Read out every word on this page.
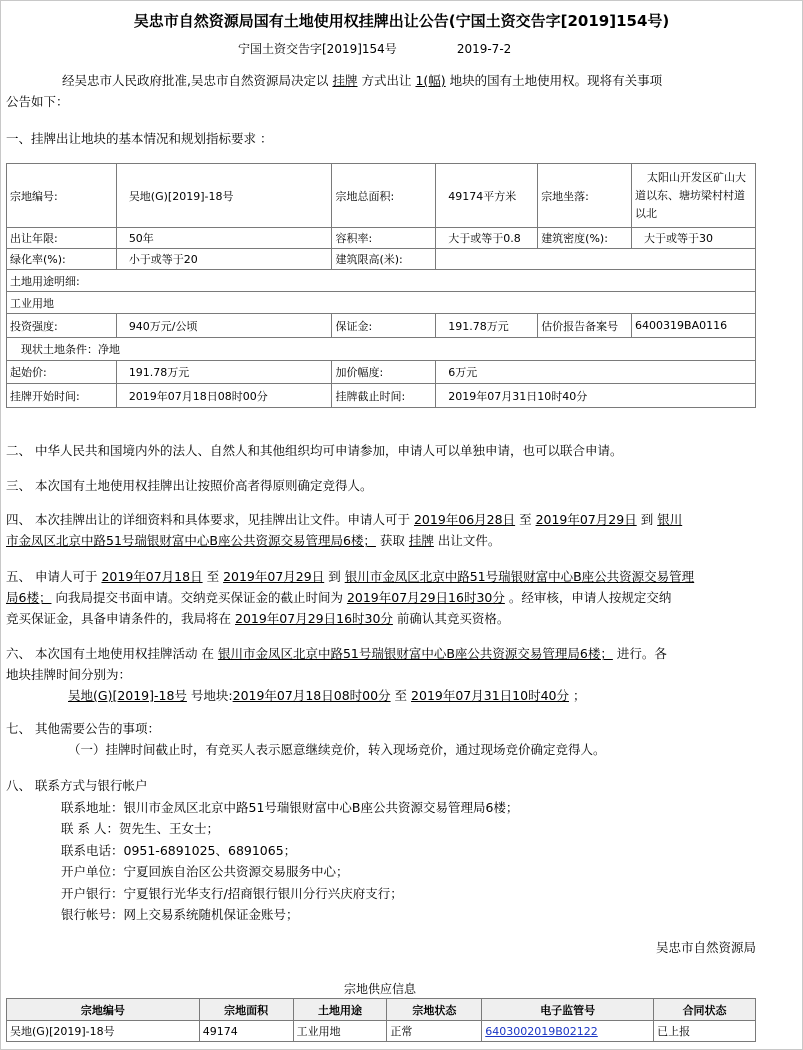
吴忠市自然资源局国有土地使用权挂牌出让公告(宁国土资交告字[2019]154号)
宁国土资交告字[2019]154号	2019-7-2
经吴忠市人民政府批准,吴忠市自然资源局决定以 挂牌 方式出让 1(幅) 地块的国有土地使用权。现将有关事项
公告如下：
一、挂牌出让地块的基本情况和规划指标要求 ：
宗地编号:	吴地(G)[2019]-18号	宗地总面积:	49174平方米	宗地坐落:	太阳山开发区矿山大道以东、塘坊梁村村道以北
出让年限:	50年	容积率:	大于或等于0.8	建筑密度(%):	大于或等于30
绿化率(%):	小于或等于20	建筑限高(米):			
土地用途明细:					
工业用地					
投资强度:	940万元/公顷	保证金:	191.78万元	估价报告备案号	6400319BA0116
现状土地条件：净地					
起始价:	191.78万元	加价幅度:	6万元		
挂牌开始时间:	2019年07月18日08时00分	挂牌截止时间:	2019年07月31日10时40分		
二、 中华人民共和国境内外的法人、自然人和其他组织均可申请参加，申请人可以单独申请，也可以联合申请。
三、 本次国有土地使用权挂牌出让按照价高者得原则确定竞得人。
四、 本次挂牌出让的详细资料和具体要求，见挂牌出让文件。申请人可于 2019年06月28日 至 2019年07月29日 到 银川
市金凤区北京中路51号瑞银财富中心B座公共资源交易管理局6楼； 获取 挂牌 出让文件。
五、 申请人可于 2019年07月18日 至 2019年07月29日 到 银川市金凤区北京中路51号瑞银财富中心B座公共资源交易管理
局6楼； 向我局提交书面申请。交纳竞买保证金的截止时间为 2019年07月29日16时30分 。经审核，申请人按规定交纳
竞买保证金，具备申请条件的，我局将在 2019年07月29日16时30分 前确认其竞买资格。
六、 本次国有土地使用权挂牌活动 在 银川市金凤区北京中路51号瑞银财富中心B座公共资源交易管理局6楼； 进行。各
地块挂牌时间分别为：
吴地(G)[2019]-18号 号地块:2019年07月18日08时00分 至 2019年07月31日10时40分 ；
七、 其他需要公告的事项：
（一）挂牌时间截止时，有竞买人表示愿意继续竞价，转入现场竞价，通过现场竞价确定竞得人。
八、 联系方式与银行帐户
联系地址：银川市金凤区北京中路51号瑞银财富中心B座公共资源交易管理局6楼；
联 系 人：贺先生、王女士；
联系电话：0951-6891025、6891065；
开户单位：宁夏回族自治区公共资源交易服务中心；
开户银行：宁夏银行光华支行/招商银行银川分行兴庆府支行；
银行帐号：网上交易系统随机保证金账号；
吴忠市自然资源局
宗地供应信息
宗地编号	宗地面积	土地用途	宗地状态	电子监管号	合同状态
吴地(G)[2019]-18号	49174	工业用地	正常	6403002019B02122	已上报
